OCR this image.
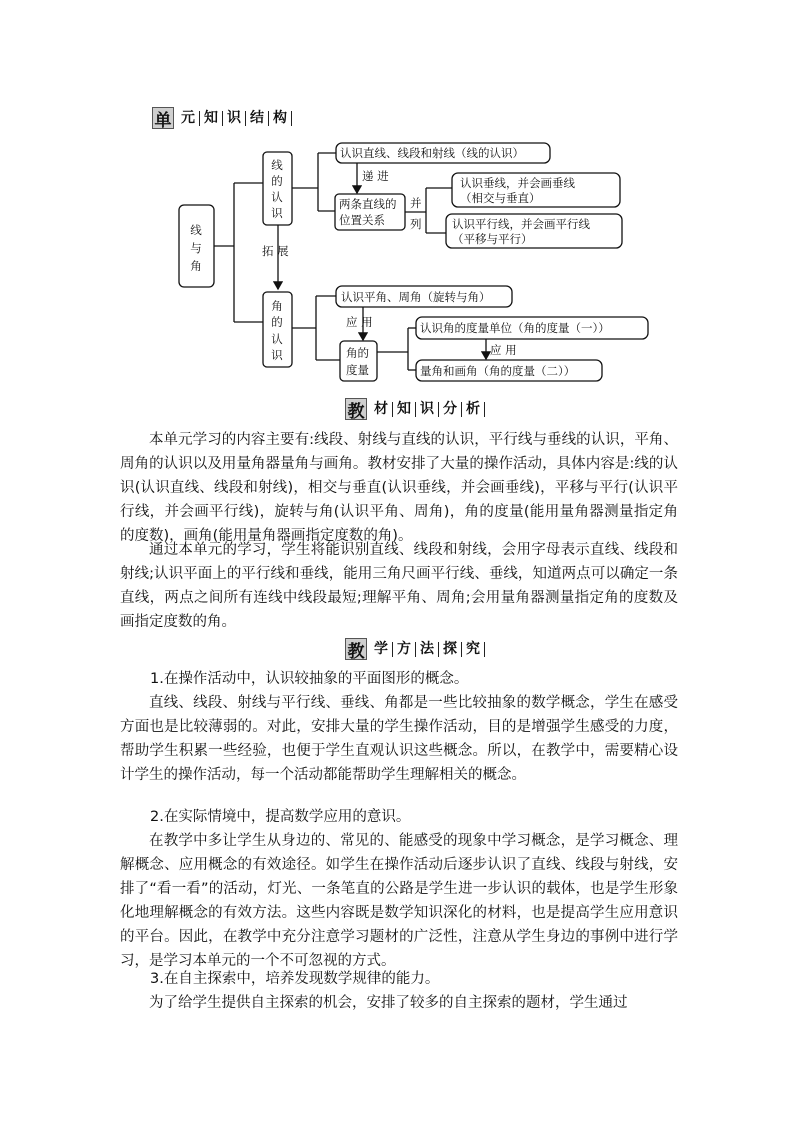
单 元 知 识 结 构
线
与
角
线
的
认
识
角
的
认
识
拓 展
递 进
并
列
应 用
应 用
认识直线、线段和射线（线的认识）
两条直线的
位置关系
认识垂线，并会画垂线
（相交与垂直）
认识平行线，并会画平行线
（平移与平行）
认识平角、周角（旋转与角）
角的
度量
认识角的度量单位（角的度量（一））
量角和画角（角的度量（二））
教 材 知 识 分 析

本单元学习的内容主要有:线段、射线与直线的认识，平行线与垂线的认识，平角、周角的认识以及用量角器量角与画角。教材安排了大量的操作活动，具体内容是:线的认识(认识直线、线段和射线)，相交与垂直(认识垂线，并会画垂线)，平移与平行(认识平行线，并会画平行线)，旋转与角(认识平角、周角)，角的度量(能用量角器测量指定角的度数)，画角(能用量角器画指定度数的角)。

通过本单元的学习，学生将能识别直线、线段和射线，会用字母表示直线、线段和射线;认识平面上的平行线和垂线，能用三角尺画平行线、垂线，知道两点可以确定一条直线，两点之间所有连线中线段最短;理解平角、周角;会用量角器测量指定角的度数及画指定度数的角。

教 学 方 法 探 究

1.在操作活动中，认识较抽象的平面图形的概念。

直线、线段、射线与平行线、垂线、角都是一些比较抽象的数学概念，学生在感受方面也是比较薄弱的。对此，安排大量的学生操作活动，目的是增强学生感受的力度，帮助学生积累一些经验，也便于学生直观认识这些概念。所以，在教学中，需要精心设计学生的操作活动，每一个活动都能帮助学生理解相关的概念。

2.在实际情境中，提高数学应用的意识。

在教学中多让学生从身边的、常见的、能感受的现象中学习概念，是学习概念、理解概念、应用概念的有效途径。如学生在操作活动后逐步认识了直线、线段与射线，安排了“看一看”的活动，灯光、一条笔直的公路是学生进一步认识的载体，也是学生形象化地理解概念的有效方法。这些内容既是数学知识深化的材料，也是提高学生应用意识的平台。因此，在教学中充分注意学习题材的广泛性，注意从学生身边的事例中进行学习，是学习本单元的一个不可忽视的方式。

3.在自主探索中，培养发现数学规律的能力。

为了给学生提供自主探索的机会，安排了较多的自主探索的题材，学生通过
